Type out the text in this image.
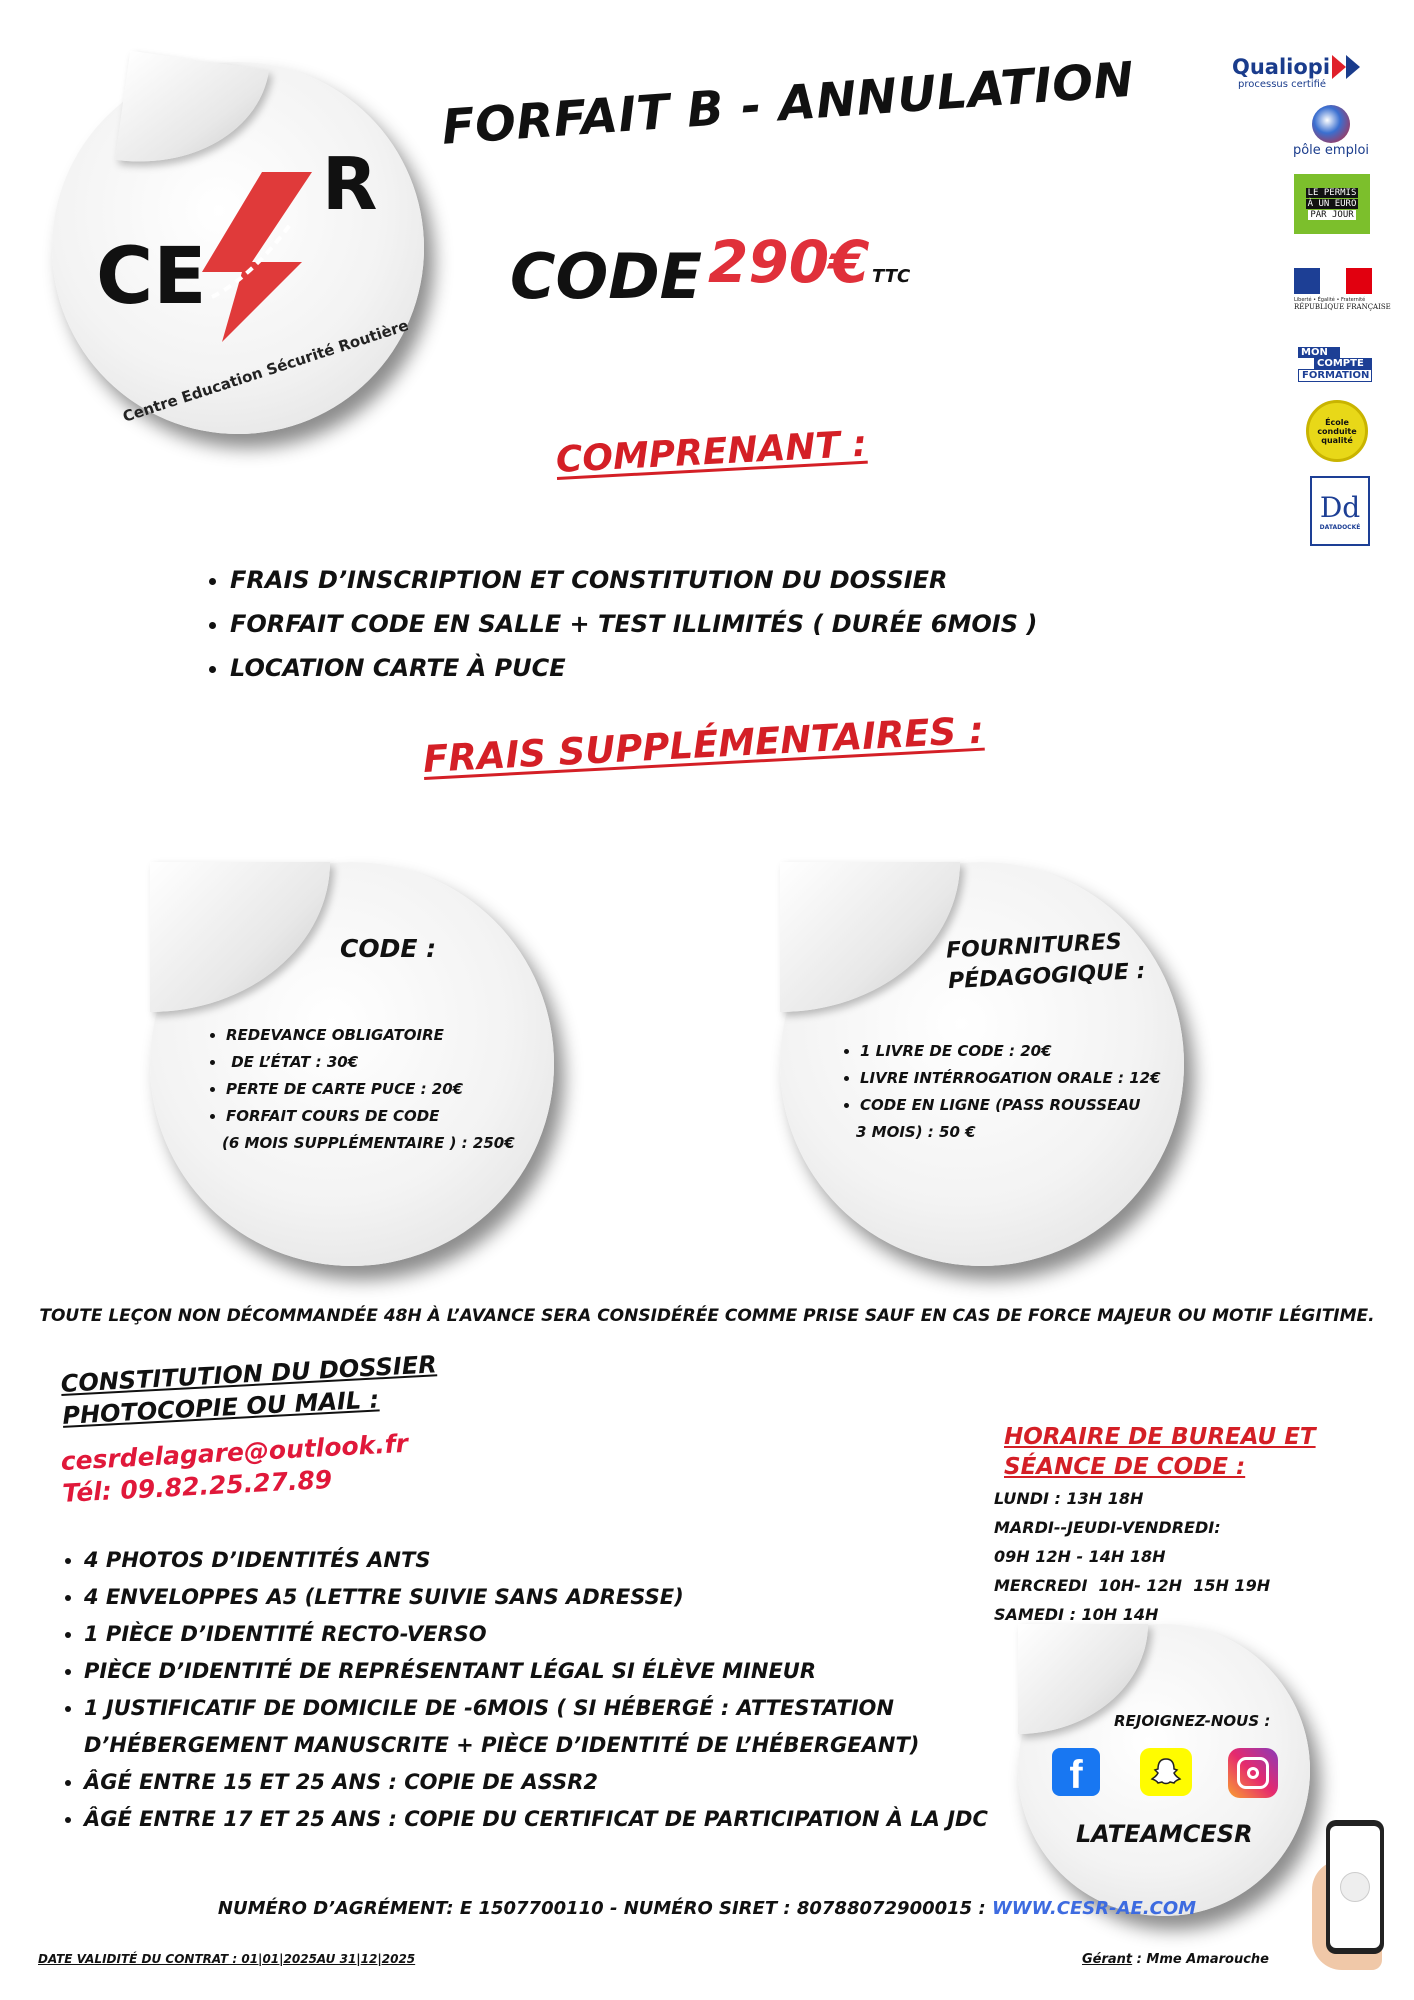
CE
R
Centre Education Sécurité Routière
FORFAIT B - ANNULATION
CODE 290€ TTC
Qualiopi
processus certifié
pôle emploi
LE PERMIS
À UN EURO
PAR JOUR
Liberté • Égalité • Fraternité
RÉPUBLIQUE FRANÇAISE
MON
COMPTE
FORMATION
École
conduite
qualité
Dd
DATADOCKÉ
COMPRENANT :
• FRAIS D’INSCRIPTION ET CONSTITUTION DU DOSSIER
• FORFAIT CODE EN SALLE + TEST ILLIMITÉS ( DURÉE 6MOIS )
• LOCATION CARTE À PUCE
FRAIS SUPPLÉMENTAIRES :
CODE :
• REDEVANCE OBLIGATOIRE
•  DE L’ÉTAT : 30€
• PERTE DE CARTE PUCE : 20€
• FORFAIT COURS DE CODE
(6 MOIS SUPPLÉMENTAIRE ) : 250€
FOURNITURES
PÉDAGOGIQUE :
• 1 LIVRE DE CODE : 20€
• LIVRE INTÉRROGATION ORALE : 12€
• CODE EN LIGNE (PASS ROUSSEAU
3 MOIS) : 50 €
TOUTE LEÇON NON DÉCOMMANDÉE 48H À L’AVANCE SERA CONSIDÉRÉE COMME PRISE SAUF EN CAS DE FORCE MAJEUR OU MOTIF LÉGITIME.
CONSTITUTION DU DOSSIER
PHOTOCOPIE OU MAIL :
cesrdelagare@outlook.fr
Tél: 09.82.25.27.89
• 4 PHOTOS D’IDENTITÉS ANTS
• 4 ENVELOPPES A5 (LETTRE SUIVIE SANS ADRESSE)
• 1 PIÈCE D’IDENTITÉ RECTO-VERSO
• PIÈCE D’IDENTITÉ DE REPRÉSENTANT LÉGAL SI ÉLÈVE MINEUR
• 1 JUSTIFICATIF DE DOMICILE DE -6MOIS ( SI HÉBERGÉ : ATTESTATION
D’HÉBERGEMENT MANUSCRITE + PIÈCE D’IDENTITÉ DE L’HÉBERGEANT)
• ÂGÉ ENTRE 15 ET 25 ANS : COPIE DE ASSR2
• ÂGÉ ENTRE 17 ET 25 ANS : COPIE DU CERTIFICAT DE PARTICIPATION À LA JDC
HORAIRE DE BUREAU ET
SÉANCE DE CODE :
LUNDI : 13H 18H
MARDI--JEUDI-VENDREDI:
09H 12H - 14H 18H
MERCREDI  10H- 12H  15H 19H
SAMEDI : 10H 14H
REJOIGNEZ-NOUS :
f
LATEAMCESR
NUMÉRO D’AGRÉMENT: E 1507700110 - NUMÉRO SIRET : 80788072900015 : WWW.CESR-AE.COM
DATE VALIDITÉ DU CONTRAT : 01|01|2025AU 31|12|2025	Gérant : Mme Amarouche
